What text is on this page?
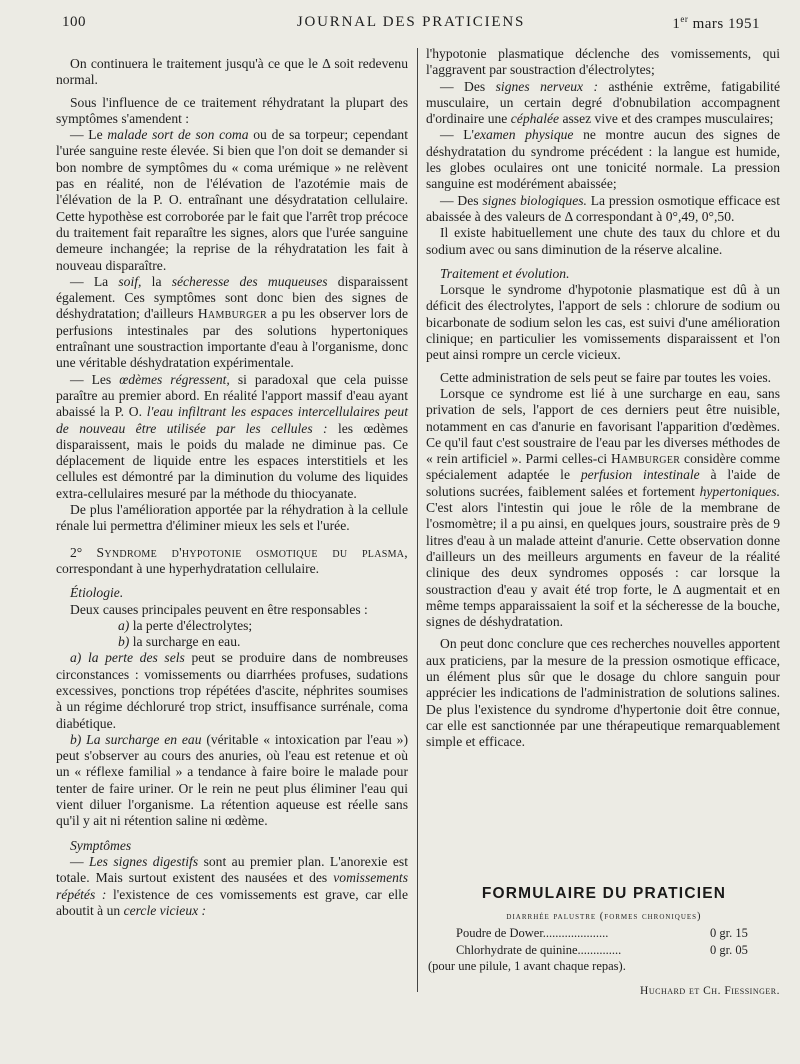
100	JOURNAL DES PRATICIENS	1er mars 1951

On continuera le traitement jusqu'à ce que le Δ soit redevenu normal.

Sous l'influence de ce traitement réhydratant la plupart des symptômes s'amendent :

— Le malade sort de son coma ou de sa torpeur; cependant l'urée sanguine reste élevée. Si bien que l'on doit se demander si bon nombre de symptômes du « coma urémique » ne relèvent pas en réalité, non de l'élévation de l'azotémie mais de l'élévation de la P. O. entraînant une désydratation cellulaire. Cette hypothèse est corroborée par le fait que l'arrêt trop précoce du traitement fait reparaître les signes, alors que l'urée sanguine demeure inchangée; la reprise de la réhydratation les fait à nouveau disparaître.

— La soif, la sécheresse des muqueuses disparaissent également. Ces symptômes sont donc bien des signes de déshydratation; d'ailleurs Hamburger a pu les observer lors de perfusions intestinales par des solutions hypertoniques entraînant une soustraction importante d'eau à l'organisme, donc une véritable déshydratation expérimentale.

— Les œdèmes régressent, si paradoxal que cela puisse paraître au premier abord. En réalité l'apport massif d'eau ayant abaissé la P. O. l'eau infiltrant les espaces intercellulaires peut de nouveau être utilisée par les cellules : les œdèmes disparaissent, mais le poids du malade ne diminue pas. Ce déplacement de liquide entre les espaces interstitiels et les cellules est démontré par la diminution du volume des liquides extra-cellulaires mesuré par la méthode du thiocyanate.

De plus l'amélioration apportée par la réhydration à la cellule rénale lui permettra d'éliminer mieux les sels et l'urée.

2° Syndrome d'hypotonie osmotique du plasma, correspondant à une hyperhydratation cellulaire.

Étiologie.

Deux causes principales peuvent en être responsables :

a) la perte d'électrolytes;

b) la surcharge en eau.

a) la perte des sels peut se produire dans de nombreuses circonstances : vomissements ou diarrhées profuses, sudations excessives, ponctions trop répétées d'ascite, néphrites soumises à un régime déchloruré trop strict, insuffisance surrénale, coma diabétique.

b) La surcharge en eau (véritable « intoxication par l'eau ») peut s'observer au cours des anuries, où l'eau est retenue et où un « réflexe familial » a tendance à faire boire le malade pour tenter de faire uriner. Or le rein ne peut plus éliminer l'eau qui vient diluer l'organisme. La rétention aqueuse est réelle sans qu'il y ait ni rétention saline ni œdème.

Symptômes

— Les signes digestifs sont au premier plan. L'anorexie est totale. Mais surtout existent des nausées et des vomissements répétés : l'existence de ces vomissements est grave, car elle aboutit à un cercle vicieux :

l'hypotonie plasmatique déclenche des vomissements, qui l'aggravent par soustraction d'électrolytes;

— Des signes nerveux : asthénie extrême, fatigabilité musculaire, un certain degré d'obnubilation accompagnent d'ordinaire une céphalée assez vive et des crampes musculaires;

— L'examen physique ne montre aucun des signes de déshydratation du syndrome précédent : la langue est humide, les globes oculaires ont une tonicité normale. La pression sanguine est modérément abaissée;

— Des signes biologiques. La pression osmotique efficace est abaissée à des valeurs de Δ correspondant à 0°,49, 0°,50.

Il existe habituellement une chute des taux du chlore et du sodium avec ou sans diminution de la réserve alcaline.

Traitement et évolution.

Lorsque le syndrome d'hypotonie plasmatique est dû à un déficit des électrolytes, l'apport de sels : chlorure de sodium ou bicarbonate de sodium selon les cas, est suivi d'une amélioration clinique; en particulier les vomissements disparaissent et l'on peut ainsi rompre un cercle vicieux.

Cette administration de sels peut se faire par toutes les voies.

Lorsque ce syndrome est lié à une surcharge en eau, sans privation de sels, l'apport de ces derniers peut être nuisible, notamment en cas d'anurie en favorisant l'apparition d'œdèmes. Ce qu'il faut c'est soustraire de l'eau par les diverses méthodes de « rein artificiel ». Parmi celles-ci Hamburger considère comme spécialement adaptée le perfusion intestinale à l'aide de solutions sucrées, faiblement salées et fortement hypertoniques. C'est alors l'intestin qui joue le rôle de la membrane de l'osmomètre; il a pu ainsi, en quelques jours, soustraire près de 9 litres d'eau à un malade atteint d'anurie. Cette observation donne d'ailleurs un des meilleurs arguments en faveur de la réalité clinique des deux syndromes opposés : car lorsque la soustraction d'eau y avait été trop forte, le Δ augmentait et en même temps apparaissaient la soif et la sécheresse de la bouche, signes de déshydratation.

On peut donc conclure que ces recherches nouvelles apportent aux praticiens, par la mesure de la pression osmotique efficace, un élément plus sûr que le dosage du chlore sanguin pour apprécier les indications de l'administration de solutions salines. De plus l'existence du syndrome d'hypertonie doit être connue, car elle est sanctionnée par une thérapeutique remarquablement simple et efficace.

FORMULAIRE DU PRATICIEN
diarrhée palustre (formes chroniques)
Poudre de Dower.....................	0 gr. 15
Chlorhydrate de quinine..............	0 gr. 05
(pour une pilule, 1 avant chaque repas).
Huchard et Ch. Fiessinger.
